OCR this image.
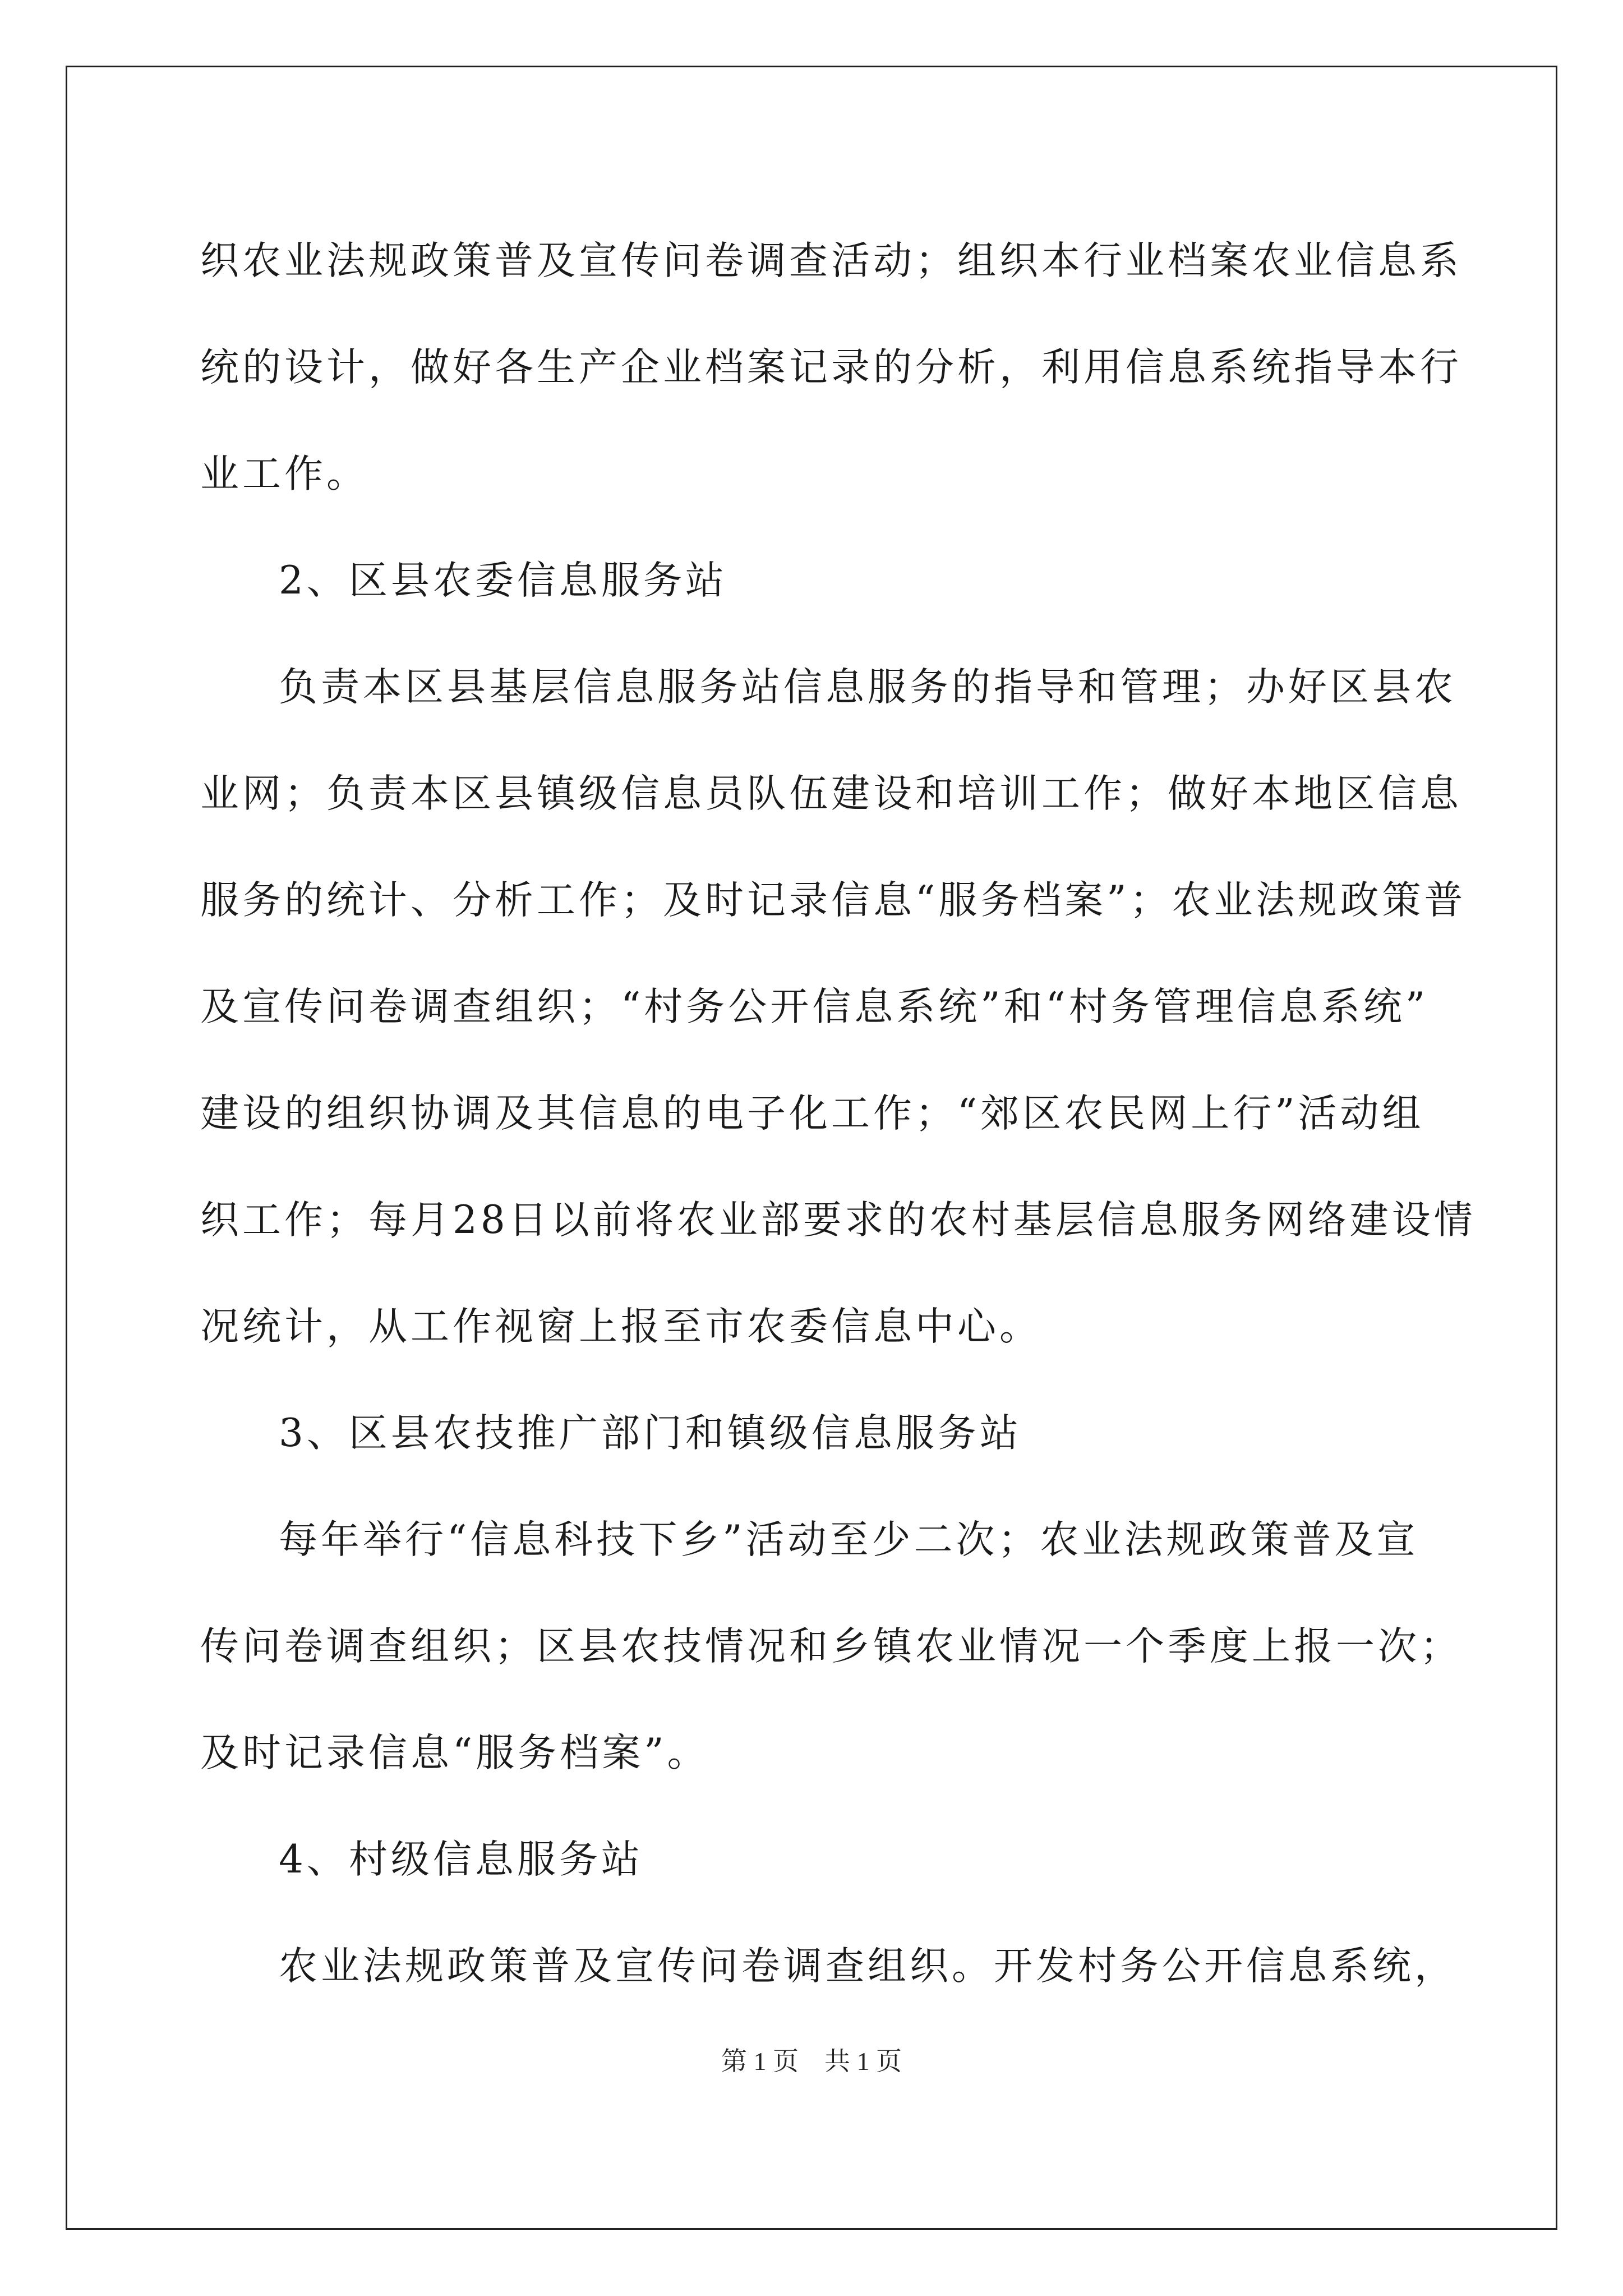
织农业法规政策普及宣传问卷调查活动；组织本行业档案农业信息系
统的设计，做好各生产企业档案记录的分析，利用信息系统指导本行
业工作。
2、区县农委信息服务站
负责本区县基层信息服务站信息服务的指导和管理；办好区县农
业网；负责本区县镇级信息员队伍建设和培训工作；做好本地区信息
服务的统计、分析工作；及时记录信息“服务档案”；农业法规政策普
及宣传问卷调查组织；“村务公开信息系统”和“村务管理信息系统”
建设的组织协调及其信息的电子化工作；“郊区农民网上行”活动组
织工作；每月28日以前将农业部要求的农村基层信息服务网络建设情
况统计，从工作视窗上报至市农委信息中心。
3、区县农技推广部门和镇级信息服务站
每年举行“信息科技下乡”活动至少二次；农业法规政策普及宣
传问卷调查组织；区县农技情况和乡镇农业情况一个季度上报一次；
及时记录信息“服务档案”。
4、村级信息服务站
农业法规政策普及宣传问卷调查组织。开发村务公开信息系统，
第 1 页 共 1 页
